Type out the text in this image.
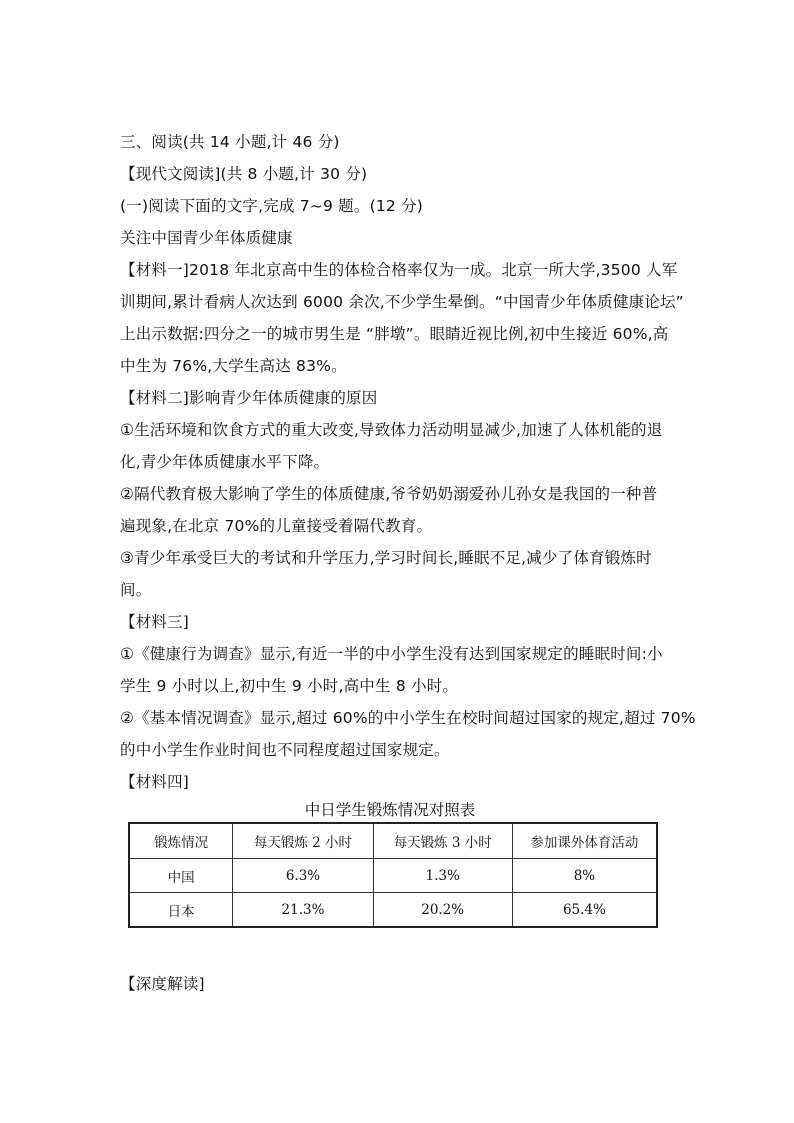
三、阅读(共 14 小题,计 46 分)
【现代文阅读](共 8 小题,计 30 分)
(一)阅读下面的文字,完成 7~9 题。(12 分)
关注中国青少年体质健康
【材料一]2018 年北京高中生的体检合格率仅为一成。北京一所大学,3500 人军
训期间,累计看病人次达到 6000 余次,不少学生晕倒。“中国青少年体质健康论坛”
上出示数据:四分之一的城市男生是 “胖墩”。眼睛近视比例,初中生接近 60%,高
中生为 76%,大学生高达 83%。
【材料二]影响青少年体质健康的原因
①生活环境和饮食方式的重大改变,导致体力活动明显减少,加速了人体机能的退
化,青少年体质健康水平下降。
②隔代教育极大影响了学生的体质健康,爷爷奶奶溺爱孙儿孙女是我国的一种普
遍现象,在北京 70%的儿童接受着隔代教育。
③青少年承受巨大的考试和升学压力,学习时间长,睡眠不足,减少了体育锻炼时
间。
【材料三]
①《健康行为调查》显示,有近一半的中小学生没有达到国家规定的睡眠时间:小
学生 9 小时以上,初中生 9 小时,高中生 8 小时。
②《基本情况调查》显示,超过 60%的中小学生在校时间超过国家的规定,超过 70%
的中小学生作业时间也不同程度超过国家规定。
【材料四]
中日学生锻炼情况对照表
锻炼情况	每天锻炼 2 小时	每天锻炼 3 小时	参加课外体育活动
中国	6.3%	1.3%	8%
日本	21.3%	20.2%	65.4%
【深度解读]
